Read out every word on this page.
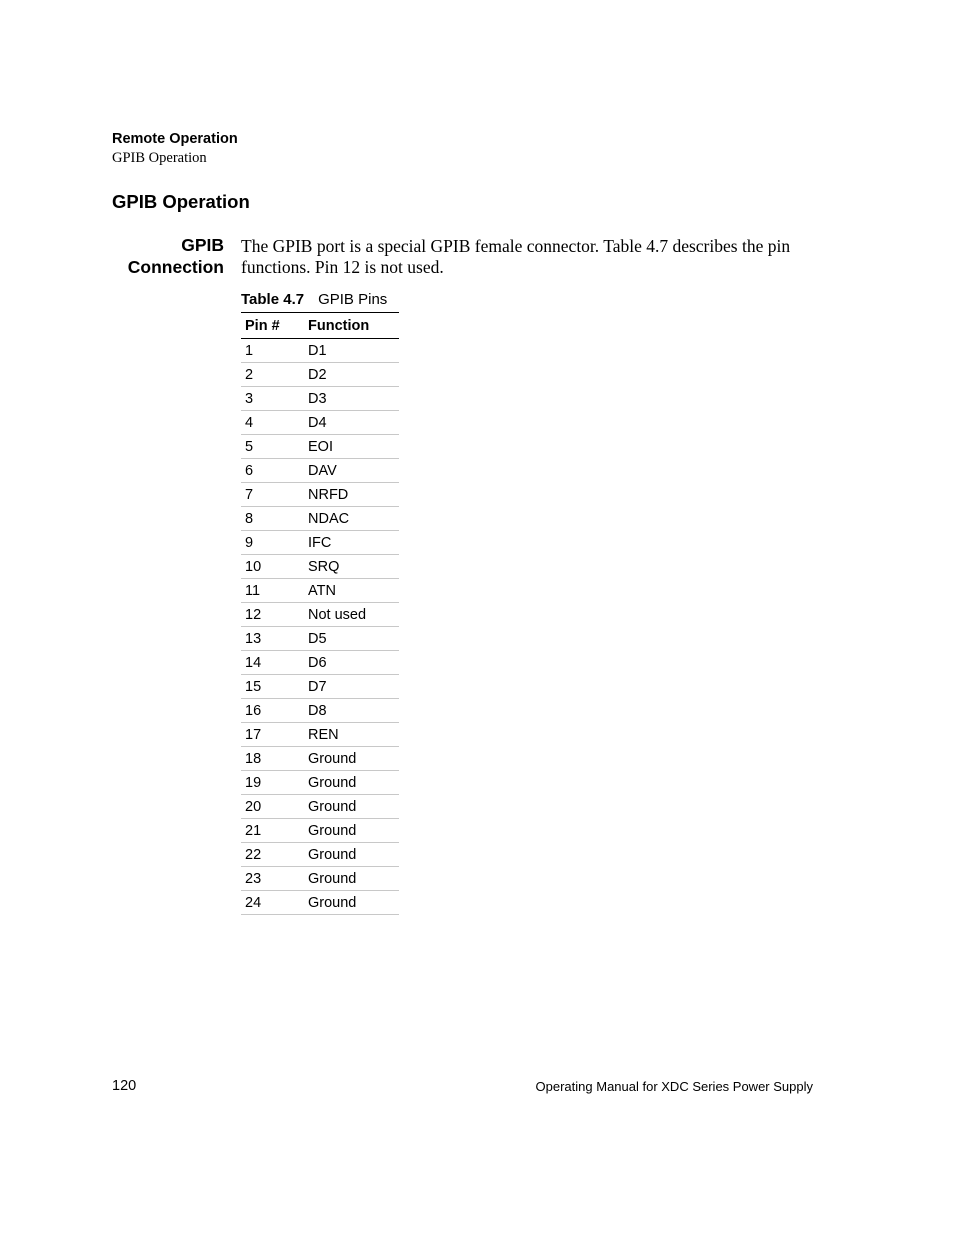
Remote Operation
GPIB Operation
GPIB Operation
GPIB
Connection

The GPIB port is a special GPIB female connector. Table 4.7 describes the pin functions. Pin 12 is not used.

Table 4.7 GPIB Pins
Pin #	Function
1	D1
2	D2
3	D3
4	D4
5	EOI
6	DAV
7	NRFD
8	NDAC
9	IFC
10	SRQ
11	ATN
12	Not used
13	D5
14	D6
15	D7
16	D8
17	REN
18	Ground
19	Ground
20	Ground
21	Ground
22	Ground
23	Ground
24	Ground
120	Operating Manual for XDC Series Power Supply
